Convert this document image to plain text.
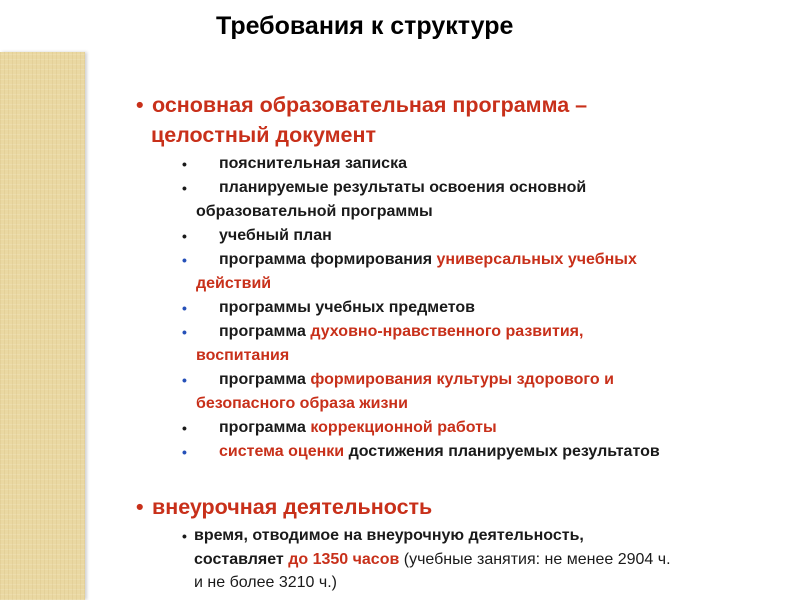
Требования к структуре
• основная образовательная программа –
целостный документ
•	пояснительная записка
•	планируемые результаты освоения основной
образовательной программы
•	учебный план
•	программа формирования универсальных учебных
действий
•	программы учебных предметов
•	программа духовно-нравственного развития,
воспитания
•	программа формирования культуры здорового и
безопасного образа жизни
•	программа коррекционной работы
•	система оценки достижения планируемых результатов
• внеурочная деятельность
• время, отводимое на внеурочную деятельность,
составляет до 1350 часов (учебные занятия: не менее 2904 ч.
и не более 3210 ч.)
